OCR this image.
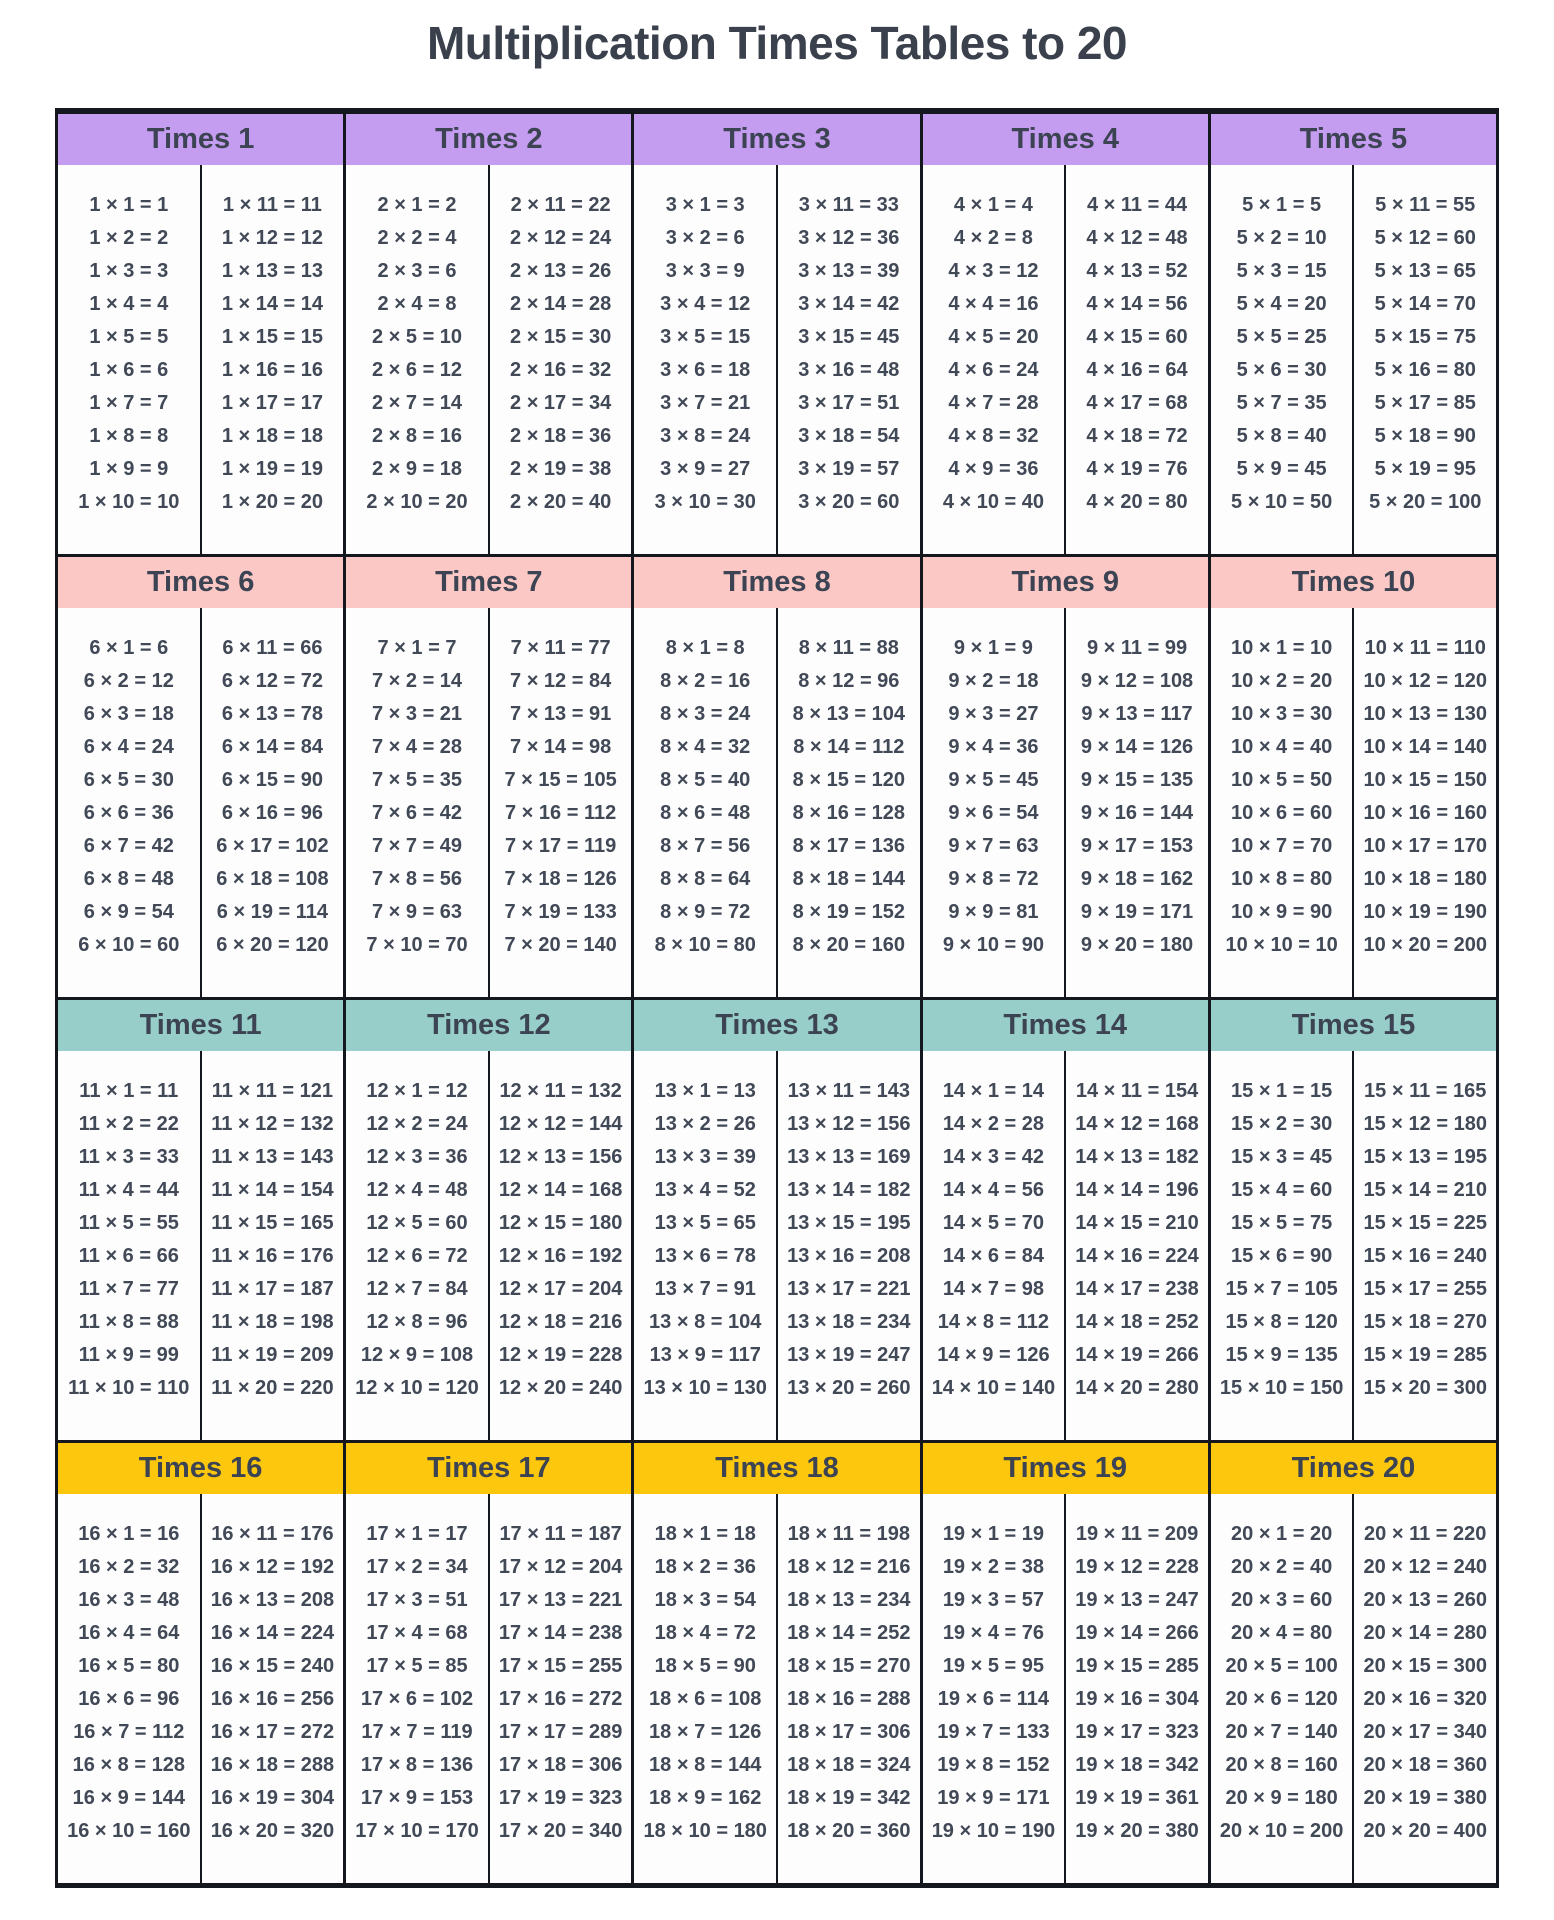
Multiplication Times Tables to 20
Times 1
1 × 1 = 1
1 × 2 = 2
1 × 3 = 3
1 × 4 = 4
1 × 5 = 5
1 × 6 = 6
1 × 7 = 7
1 × 8 = 8
1 × 9 = 9
1 × 10 = 10
1 × 11 = 11
1 × 12 = 12
1 × 13 = 13
1 × 14 = 14
1 × 15 = 15
1 × 16 = 16
1 × 17 = 17
1 × 18 = 18
1 × 19 = 19
1 × 20 = 20
Times 2
2 × 1 = 2
2 × 2 = 4
2 × 3 = 6
2 × 4 = 8
2 × 5 = 10
2 × 6 = 12
2 × 7 = 14
2 × 8 = 16
2 × 9 = 18
2 × 10 = 20
2 × 11 = 22
2 × 12 = 24
2 × 13 = 26
2 × 14 = 28
2 × 15 = 30
2 × 16 = 32
2 × 17 = 34
2 × 18 = 36
2 × 19 = 38
2 × 20 = 40
Times 3
3 × 1 = 3
3 × 2 = 6
3 × 3 = 9
3 × 4 = 12
3 × 5 = 15
3 × 6 = 18
3 × 7 = 21
3 × 8 = 24
3 × 9 = 27
3 × 10 = 30
3 × 11 = 33
3 × 12 = 36
3 × 13 = 39
3 × 14 = 42
3 × 15 = 45
3 × 16 = 48
3 × 17 = 51
3 × 18 = 54
3 × 19 = 57
3 × 20 = 60
Times 4
4 × 1 = 4
4 × 2 = 8
4 × 3 = 12
4 × 4 = 16
4 × 5 = 20
4 × 6 = 24
4 × 7 = 28
4 × 8 = 32
4 × 9 = 36
4 × 10 = 40
4 × 11 = 44
4 × 12 = 48
4 × 13 = 52
4 × 14 = 56
4 × 15 = 60
4 × 16 = 64
4 × 17 = 68
4 × 18 = 72
4 × 19 = 76
4 × 20 = 80
Times 5
5 × 1 = 5
5 × 2 = 10
5 × 3 = 15
5 × 4 = 20
5 × 5 = 25
5 × 6 = 30
5 × 7 = 35
5 × 8 = 40
5 × 9 = 45
5 × 10 = 50
5 × 11 = 55
5 × 12 = 60
5 × 13 = 65
5 × 14 = 70
5 × 15 = 75
5 × 16 = 80
5 × 17 = 85
5 × 18 = 90
5 × 19 = 95
5 × 20 = 100
Times 6
6 × 1 = 6
6 × 2 = 12
6 × 3 = 18
6 × 4 = 24
6 × 5 = 30
6 × 6 = 36
6 × 7 = 42
6 × 8 = 48
6 × 9 = 54
6 × 10 = 60
6 × 11 = 66
6 × 12 = 72
6 × 13 = 78
6 × 14 = 84
6 × 15 = 90
6 × 16 = 96
6 × 17 = 102
6 × 18 = 108
6 × 19 = 114
6 × 20 = 120
Times 7
7 × 1 = 7
7 × 2 = 14
7 × 3 = 21
7 × 4 = 28
7 × 5 = 35
7 × 6 = 42
7 × 7 = 49
7 × 8 = 56
7 × 9 = 63
7 × 10 = 70
7 × 11 = 77
7 × 12 = 84
7 × 13 = 91
7 × 14 = 98
7 × 15 = 105
7 × 16 = 112
7 × 17 = 119
7 × 18 = 126
7 × 19 = 133
7 × 20 = 140
Times 8
8 × 1 = 8
8 × 2 = 16
8 × 3 = 24
8 × 4 = 32
8 × 5 = 40
8 × 6 = 48
8 × 7 = 56
8 × 8 = 64
8 × 9 = 72
8 × 10 = 80
8 × 11 = 88
8 × 12 = 96
8 × 13 = 104
8 × 14 = 112
8 × 15 = 120
8 × 16 = 128
8 × 17 = 136
8 × 18 = 144
8 × 19 = 152
8 × 20 = 160
Times 9
9 × 1 = 9
9 × 2 = 18
9 × 3 = 27
9 × 4 = 36
9 × 5 = 45
9 × 6 = 54
9 × 7 = 63
9 × 8 = 72
9 × 9 = 81
9 × 10 = 90
9 × 11 = 99
9 × 12 = 108
9 × 13 = 117
9 × 14 = 126
9 × 15 = 135
9 × 16 = 144
9 × 17 = 153
9 × 18 = 162
9 × 19 = 171
9 × 20 = 180
Times 10
10 × 1 = 10
10 × 2 = 20
10 × 3 = 30
10 × 4 = 40
10 × 5 = 50
10 × 6 = 60
10 × 7 = 70
10 × 8 = 80
10 × 9 = 90
10 × 10 = 10
10 × 11 = 110
10 × 12 = 120
10 × 13 = 130
10 × 14 = 140
10 × 15 = 150
10 × 16 = 160
10 × 17 = 170
10 × 18 = 180
10 × 19 = 190
10 × 20 = 200
Times 11
11 × 1 = 11
11 × 2 = 22
11 × 3 = 33
11 × 4 = 44
11 × 5 = 55
11 × 6 = 66
11 × 7 = 77
11 × 8 = 88
11 × 9 = 99
11 × 10 = 110
11 × 11 = 121
11 × 12 = 132
11 × 13 = 143
11 × 14 = 154
11 × 15 = 165
11 × 16 = 176
11 × 17 = 187
11 × 18 = 198
11 × 19 = 209
11 × 20 = 220
Times 12
12 × 1 = 12
12 × 2 = 24
12 × 3 = 36
12 × 4 = 48
12 × 5 = 60
12 × 6 = 72
12 × 7 = 84
12 × 8 = 96
12 × 9 = 108
12 × 10 = 120
12 × 11 = 132
12 × 12 = 144
12 × 13 = 156
12 × 14 = 168
12 × 15 = 180
12 × 16 = 192
12 × 17 = 204
12 × 18 = 216
12 × 19 = 228
12 × 20 = 240
Times 13
13 × 1 = 13
13 × 2 = 26
13 × 3 = 39
13 × 4 = 52
13 × 5 = 65
13 × 6 = 78
13 × 7 = 91
13 × 8 = 104
13 × 9 = 117
13 × 10 = 130
13 × 11 = 143
13 × 12 = 156
13 × 13 = 169
13 × 14 = 182
13 × 15 = 195
13 × 16 = 208
13 × 17 = 221
13 × 18 = 234
13 × 19 = 247
13 × 20 = 260
Times 14
14 × 1 = 14
14 × 2 = 28
14 × 3 = 42
14 × 4 = 56
14 × 5 = 70
14 × 6 = 84
14 × 7 = 98
14 × 8 = 112
14 × 9 = 126
14 × 10 = 140
14 × 11 = 154
14 × 12 = 168
14 × 13 = 182
14 × 14 = 196
14 × 15 = 210
14 × 16 = 224
14 × 17 = 238
14 × 18 = 252
14 × 19 = 266
14 × 20 = 280
Times 15
15 × 1 = 15
15 × 2 = 30
15 × 3 = 45
15 × 4 = 60
15 × 5 = 75
15 × 6 = 90
15 × 7 = 105
15 × 8 = 120
15 × 9 = 135
15 × 10 = 150
15 × 11 = 165
15 × 12 = 180
15 × 13 = 195
15 × 14 = 210
15 × 15 = 225
15 × 16 = 240
15 × 17 = 255
15 × 18 = 270
15 × 19 = 285
15 × 20 = 300
Times 16
16 × 1 = 16
16 × 2 = 32
16 × 3 = 48
16 × 4 = 64
16 × 5 = 80
16 × 6 = 96
16 × 7 = 112
16 × 8 = 128
16 × 9 = 144
16 × 10 = 160
16 × 11 = 176
16 × 12 = 192
16 × 13 = 208
16 × 14 = 224
16 × 15 = 240
16 × 16 = 256
16 × 17 = 272
16 × 18 = 288
16 × 19 = 304
16 × 20 = 320
Times 17
17 × 1 = 17
17 × 2 = 34
17 × 3 = 51
17 × 4 = 68
17 × 5 = 85
17 × 6 = 102
17 × 7 = 119
17 × 8 = 136
17 × 9 = 153
17 × 10 = 170
17 × 11 = 187
17 × 12 = 204
17 × 13 = 221
17 × 14 = 238
17 × 15 = 255
17 × 16 = 272
17 × 17 = 289
17 × 18 = 306
17 × 19 = 323
17 × 20 = 340
Times 18
18 × 1 = 18
18 × 2 = 36
18 × 3 = 54
18 × 4 = 72
18 × 5 = 90
18 × 6 = 108
18 × 7 = 126
18 × 8 = 144
18 × 9 = 162
18 × 10 = 180
18 × 11 = 198
18 × 12 = 216
18 × 13 = 234
18 × 14 = 252
18 × 15 = 270
18 × 16 = 288
18 × 17 = 306
18 × 18 = 324
18 × 19 = 342
18 × 20 = 360
Times 19
19 × 1 = 19
19 × 2 = 38
19 × 3 = 57
19 × 4 = 76
19 × 5 = 95
19 × 6 = 114
19 × 7 = 133
19 × 8 = 152
19 × 9 = 171
19 × 10 = 190
19 × 11 = 209
19 × 12 = 228
19 × 13 = 247
19 × 14 = 266
19 × 15 = 285
19 × 16 = 304
19 × 17 = 323
19 × 18 = 342
19 × 19 = 361
19 × 20 = 380
Times 20
20 × 1 = 20
20 × 2 = 40
20 × 3 = 60
20 × 4 = 80
20 × 5 = 100
20 × 6 = 120
20 × 7 = 140
20 × 8 = 160
20 × 9 = 180
20 × 10 = 200
20 × 11 = 220
20 × 12 = 240
20 × 13 = 260
20 × 14 = 280
20 × 15 = 300
20 × 16 = 320
20 × 17 = 340
20 × 18 = 360
20 × 19 = 380
20 × 20 = 400
